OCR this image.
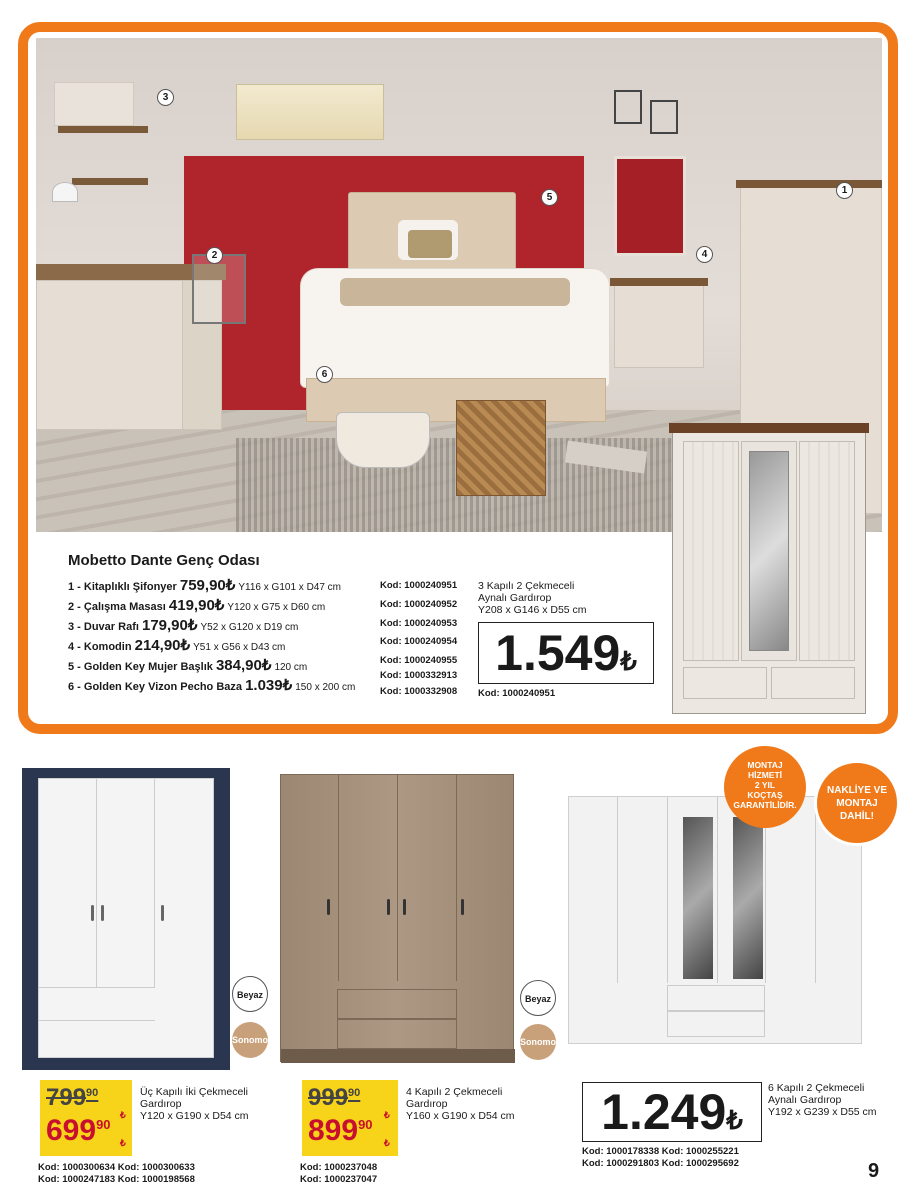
3
2
5
4
1
6
Mobetto Dante Genç Odası
1 - Kitaplıklı Şifonyer 759,90₺ Y116 x G101 x D47 cm
2 - Çalışma Masası 419,90₺ Y120 x G75 x D60 cm
3 - Duvar Rafı 179,90₺ Y52 x G120 x D19 cm
4 - Komodin 214,90₺ Y51 x G56 x D43 cm
5 - Golden Key Mujer Başlık 384,90₺ 120 cm
6 - Golden Key Vizon Pecho Baza 1.039₺ 150 x 200 cm
Kod: 1000240951
Kod: 1000240952
Kod: 1000240953
Kod: 1000240954
Kod: 1000240955
Kod: 1000332913
Kod: 1000332908
3 Kapılı 2 Çekmeceli
Aynalı Gardırop
Y208 x G146 x D55 cm
1.549₺
Kod: 1000240951
Beyaz
Sonomo
$799^{90}$
$699^{90}$
₺
₺
Üç Kapılı İki Çekmeceli
Gardırop
Y120 x G190 x D54 cm
Kod: 1000300634 Kod: 1000300633
Kod: 1000247183 Kod: 1000198568
Beyaz
Sonomo
$999^{90}$
$899^{90}$
₺
₺
4 Kapılı 2 Çekmeceli
Gardırop
Y160 x G190 x D54 cm
Kod: 1000237048
Kod: 1000237047
MONTAJ
HİZMETİ
2 YIL
KOÇTAŞ
GARANTİLİDİR.
NAKLİYE VE
MONTAJ
DAHİL!
1.249₺
6 Kapılı 2 Çekmeceli
Aynalı Gardırop
Y192 x G239 x D55 cm
Kod: 1000178338 Kod: 1000255221
Kod: 1000291803 Kod: 1000295692	9
